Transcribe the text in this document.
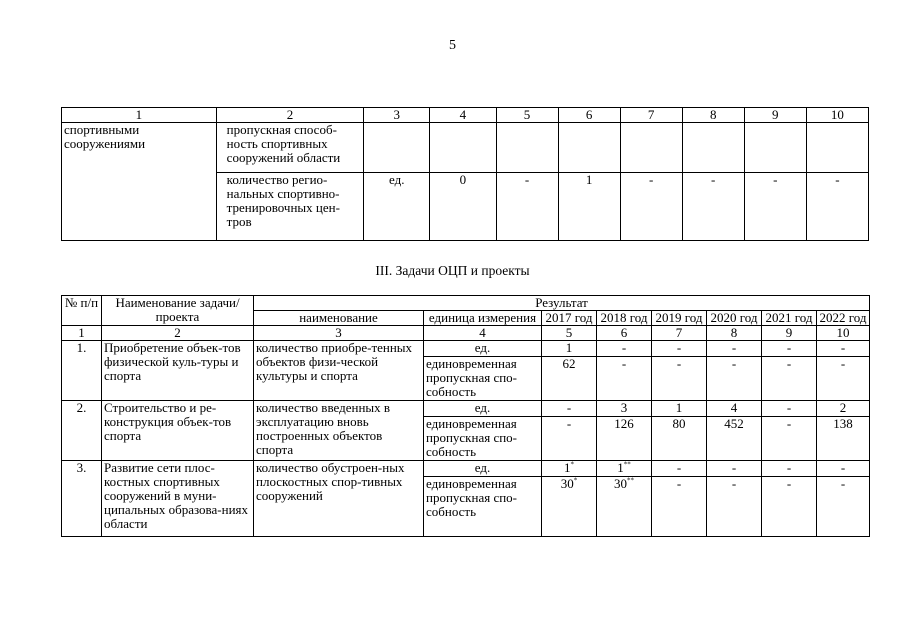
5
1	2	3	4	5	6	7	8	9	10
спортивными сооружениями	пропускная способ-ность спортивных сооружений области								
	количество регио-нальных спортивно-тренировочных цен-тров	ед.	0	-	1	-	-	-	-
III. Задачи ОЦП и проекты
№ п/п	Наименование задачи/проекта	Результат							
		наименование	единица измерения	2017 год	2018 год	2019 год	2020 год	2021 год	2022 год
1	2	3	4	5	6	7	8	9	10
1.	Приобретение объек-тов физической куль-туры и спорта	количество приобре-тенных объектов физи-ческой культуры и спорта	ед.	1	-	-	-	-	-
			единовременная пропускная спо-собность	62	-	-	-	-	-
2.	Строительство и ре-конструкция объек-тов спорта	количество введенных в эксплуатацию вновь построенных объектов спорта	ед.	-	3	1	4	-	2
			единовременная пропускная спо-собность	-	126	80	452	-	138
3.	Развитие сети плос-костных спортивных сооружений в муни-ципальных образова-ниях области	количество обустроен-ных плоскостных спор-тивных сооружений	ед.	1*	1**	-	-	-	-
			единовременная пропускная спо-собность	30*	30**	-	-	-	-
